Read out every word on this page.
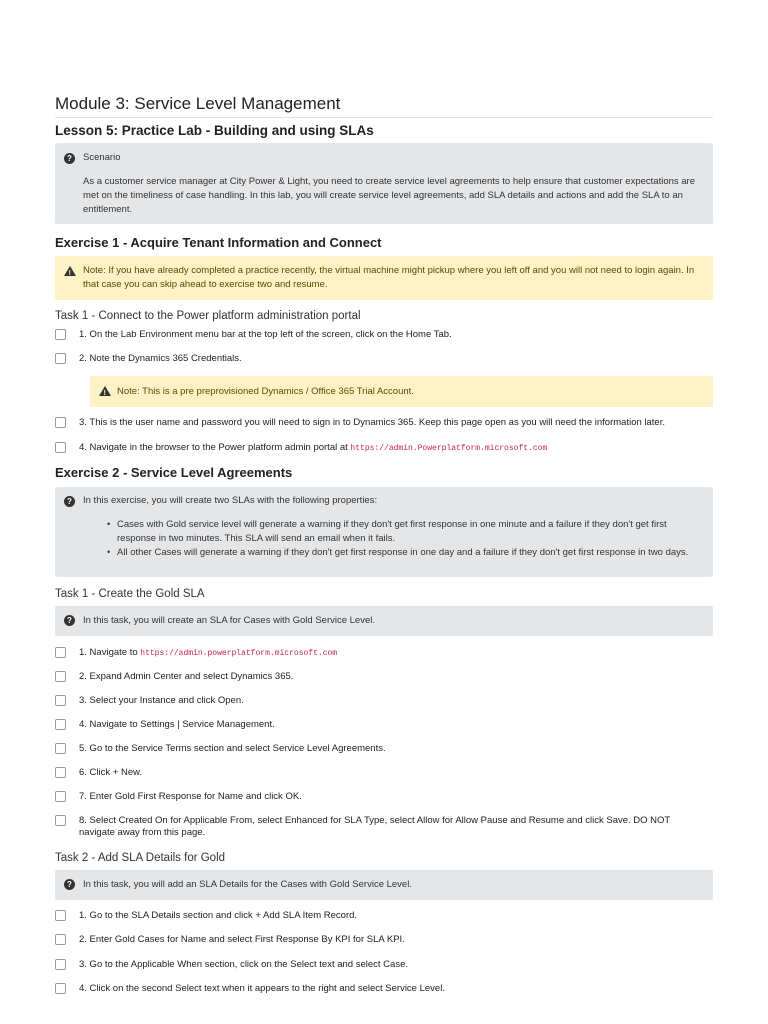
Module 3: Service Level Management
Lesson 5: Practice Lab - Building and using SLAs
?	Scenario
As a customer service manager at City Power & Light, you need to create service level agreements to help ensure that customer expectations are met on the timeliness of case handling. In this lab, you will create service level agreements, add SLA details and actions and add the SLA to an entitlement.
Exercise 1 - Acquire Tenant Information and Connect
! Note: If you have already completed a practice recently, the virtual machine might pickup where you left off and you will not need to login again. In that case you can skip ahead to exercise two and resume.
Task 1 - Connect to the Power platform administration portal
1. On the Lab Environment menu bar at the top left of the screen, click on the Home Tab.
2. Note the Dynamics 365 Credentials.
! Note: This is a pre preprovisioned Dynamics / Office 365 Trial Account.
3. This is the user name and password you will need to sign in to Dynamics 365. Keep this page open as you will need the information later.
4. Navigate in the browser to the Power platform admin portal at https://admin.Powerplatform.microsoft.com
Exercise 2 - Service Level Agreements
?	In this exercise, you will create two SLAs with the following properties:
• Cases with Gold service level will generate a warning if they don't get first response in one minute and a failure if they don't get first response in two minutes. This SLA will send an email when it fails.
• All other Cases will generate a warning if they don't get first response in one day and a failure if they don't get first response in two days.
Task 1 - Create the Gold SLA
?	In this task, you will create an SLA for Cases with Gold Service Level.
1. Navigate to https://admin.powerplatform.microsoft.com
2. Expand Admin Center and select Dynamics 365.
3. Select your Instance and click Open.
4. Navigate to Settings | Service Management.
5. Go to the Service Terms section and select Service Level Agreements.
6. Click + New.
7. Enter Gold First Response for Name and click OK.
8. Select Created On for Applicable From, select Enhanced for SLA Type, select Allow for Allow Pause and Resume and click Save. DO NOT navigate away from this page.
Task 2 - Add SLA Details for Gold
?	In this task, you will add an SLA Details for the Cases with Gold Service Level.
1. Go to the SLA Details section and click + Add SLA Item Record.
2. Enter Gold Cases for Name and select First Response By KPI for SLA KPI.
3. Go to the Applicable When section, click on the Select text and select Case.
4. Click on the second Select text when it appears to the right and select Service Level.
